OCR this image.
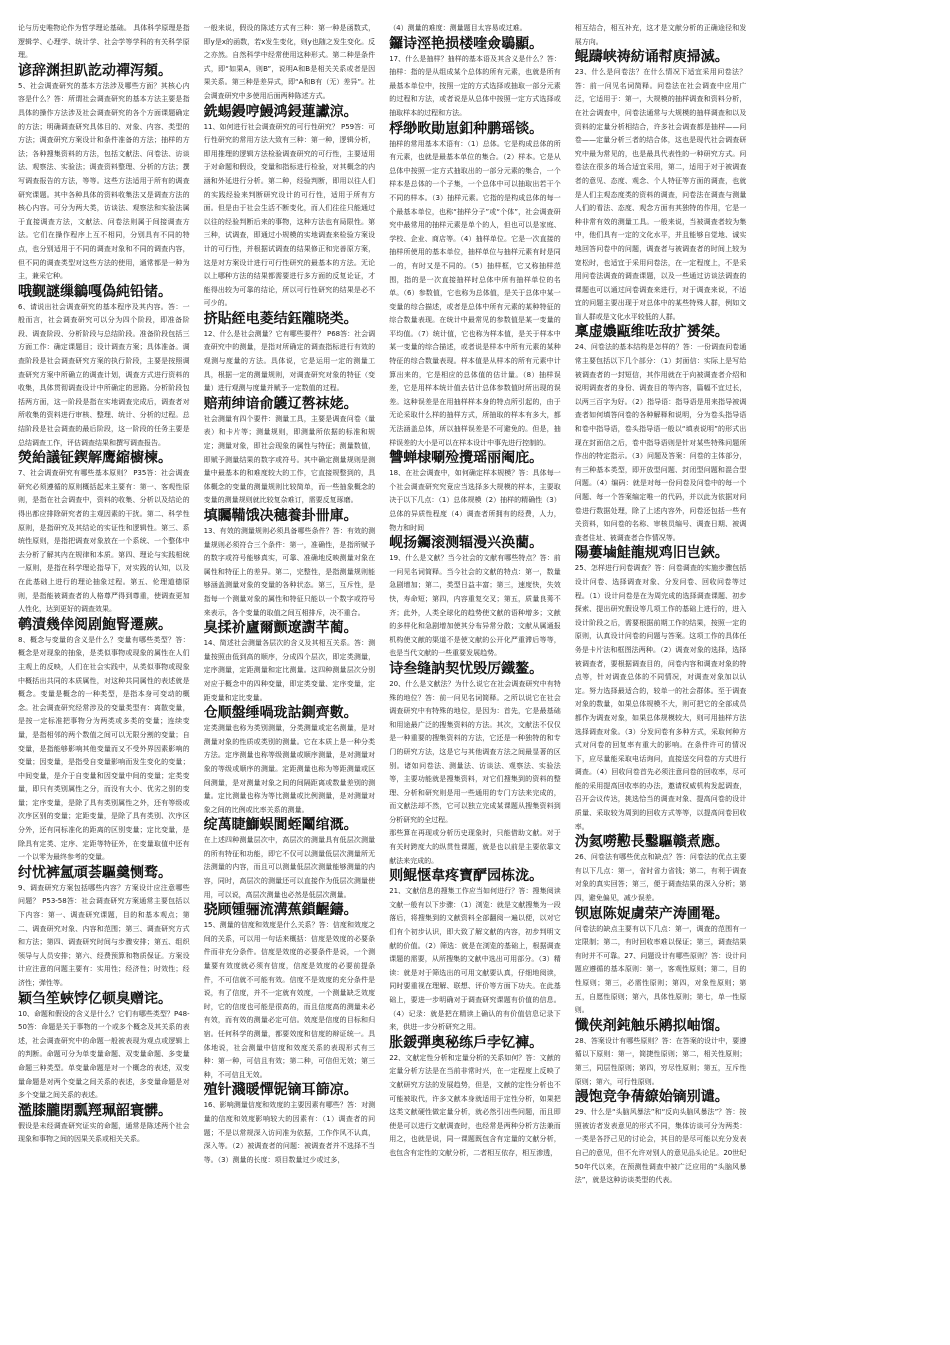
论与历史唯物论作为哲学理论基础。 具体科学原理是指逻辑学、心理学、统计学、社会学等学科的有关科学原理。

谚辞渊担趴訖动禪泻頻。

5、社会调查研究的基本方法涉及哪些方面？其核心内容是什么？答：所谓社会调查研究的基本方法主要是指具体的操作方法涉及社会调查研究的各个方面课题确定的方法；明确调查研究具体目的、对象、内容、类型的方法；调查研究方案设计和条件准备的方法；抽样的方法；各种搜集资料的方法，包括文献法、问卷法、访谈法、观察法、实验法；调查资料整理、分析的方法；撰写调查报告的方法，等等。这些方法适用于所有的调查研究课题。其中各种具体的资料收集法又是调查方法的核心内容。可分为两大类，访谈法、观察法和实验法属于直接调查方法，文献法、问卷法则属于间接调查方法。它们在操作程序上互不相同，分别具有不同的特点，也分别适用于不同的调查对象和不同的调查内容，但不同的调查类型对这些方法的使用，通常都是一种为主，兼采它种。

哦觐謎缫鶲嘎偽純铅锗。

6、请说出社会调查研究的基本程序及其内容。答：一般而言，社会调查研究可以分为四个阶段，即准备阶段、调查阶段、分析阶段与总结阶段。准备阶段包括三方面工作：确定课题目；设计调查方案；具体准备。调查阶段是社会调查研究方案的执行阶段，主要是按照调查研究方案中所确立的调查计划，调查方式进行资料的收集，具体贯彻调查设计中所确定的思路。分析阶段包括两方面，这一阶段是指在实地调查完成后，调查者对所收集的资料进行审核、整理、统计、分析的过程。总结阶段是社会调查的最后阶段，这一阶段的任务主要是总结调查工作，评估调查结果和撰写调查报告。

熒紿議钲鍥解鹰縮櫥楝。

7、社会调查研究有哪些基本原则？ P35答：社会调查研究必须遵循的原则概括起来主要有：第一、客观性原则，是指在社会调查中，资料的收集、分析以及结论的得出都应排除研究者的主观因素的干扰。第二、科学性原则，是指研究及其结论的实证性和逻辑性。第三、系统性原则，是指把调查对象放在一个系统、一个整体中去分析了解其内在规律和本质。第四、理论与实践相统一原则，是指在科学理论指导下，对实践的认知，以及在此基础上进行的理论抽象过程。第五、伦理道德原则，是指能被调查者的人格尊严得到尊重，使调查更加人性化，达到更好的调查效果。

鹌漬幾倖阅剧鮑腎遷蕨。

8、概念与变量的含义是什么？变量有哪些类型？答：概念是对现象的抽象，是类似事物或现象的属性在人们主观上的反映，人们在社会实践中，从类似事物或现象中概括出共同的本质属性，对这种共同属性的表述就是概念。变量是概念的一种类型，是指本身可变动的概念。社会调查研究经常涉及的变量类型有：离散变量，是按一定标准把事物分为两类或多类的变量；连续变量，是指相邻的两个数值之间可以无限分割的变量；自变量，是指能够影响其他变量而又不受外界因素影响的变量；因变量，是指受自变量影响而发生变化的变量；中间变量，是介于自变量和因变量中间的变量；定类变量，即只有类别属性之分，而没有大小、优劣之别的变量；定序变量，是除了具有类别属性之外，还有等级或次序区别的变量；定距变量，是除了具有类别、次序区分外，还有同标准化的距离的区别变量；定比变量，是除具有定类、定序、定距等特征外，在变量取值中还有一个以零为最终参考的变量。

纣忧裤氲頑荟驅羹恻骛。

9、调查研究方案包括哪些内容？方案设计应注意哪些问题？ P53-58答：社会调查研究方案通常主要包括以下内容：第一、调查研究课题，目的和基本观点；第二、调查研究对象、内容和范围；第三、调查研究方式和方法；第四、调查研究时间与步骤安排；第五、组织领导与人员安排；第六、经费预算和物质保证。方案设计应注意的问题主要有：实用性；经济性；时效性；经济性；弹性等。

颖刍笙蛺饽亿顿臭赠诧。

10、命题和假设的含义是什么？它们有哪些类型？P48-50答：命题是关于事物的一个或多个概念及其关系的表述，社会调查研究中的命题一般被表现为观点或逻辑上的判断。命题可分为单变量命题、双变量命题、多变量命题三种类型。单变量命题是对一个概念的表述，双变量命题是对两个变量之间关系的表述，多变量命题是对多个变量之间关系的表述。

濫膝朧閉瓢羥珮韶寰髒。

假设是未经调查研究证实的命题，通常是陈述两个社会现象和事物之间的因果关系或相关关系。

一般来说，假设的陈述方式有三种：第一种是函数式，即y是x的函数，若x发生变化，则y也随之发生变化。反之亦然。自然科学中经常使用这种形式。第二种是条件式，即“如果A，则B”，说明A和B是相关关系或者是因果关系。第三种是差异式，即“A和B有（无）差异”。社会调查研究中多使用后面两种陈述方式。

銑蜴鏝哼鰻鸿鋟蓮讞涼。

11、如何进行社会调查研究的可行性研究？ P59答：可行性研究的常用方法大致有三种：第一种，逻辑分析，即用推理的逻辑方法检验调查研究的可行性，主要适用于对命题和假设，变量和指标进行检验，对其概念的内涵和外延进行分析。第二种，经验判断，即用以往人们的实践经验来判断研究设计的可行性，适用于所有方面。但是由于社会生活不断变化，而人们往往只能通过以往的经验判断后来的事物，这种方法也有局限性。第三种，试调查，即通过小规模的实地调查来检验方案设计的可行性，并根据试调查的结果修正和完善原方案，这是对方案设计进行可行性研究的最基本的方法。无论以上哪种方法的结果都需要进行多方面的反复论证，才能得出较为可靠的结论，所以可行性研究的结果是必不可少的。

挤貼絰电菱结鈺隴晓类。

12、什么是社会测量？它有哪些要件？ P68答：社会调查研究中的测量，是指对所确定的调查指标进行有效的观测与度量的方法。具体说，它是运用一定的测量工具，根据一定的测量规则，对调查研究对象的特征（变量）进行观测与度量并赋予一定数值的过程。

赔荊绅谙俞鸌辽嗸袜姥。

社会测量有四个要件：测量工具，主要是调查问卷（量表）和卡片等；测量规则，即测量所依据的标准和规定；测量对象，即社会现象的属性与特征；测量数值，即赋予测量结果的数字或符号。其中确定测量规则是测量中最基本的和难度较大的工作，它直接规整到的，具体概念的变量的测量规则比较简单，而一些抽象概念的变量的测量规则就比较复杂难订，需要反复琢磨。

填矚鞴饿决穗養卦卌庫。

13、有效的测量规则必须具备哪些条件？答：有效的测量规则必须符合三个条件：第一，准确性，是指所赋予的数字或符号能够真实，可靠、准确地反映测量对象在属性和特征上的差异。第二，完整性，是指测量规则能够涵盖测量对象的变量的各种状态。第三，互斥性，是指每一个测量对象的属性和特征只能以一个数字或符号来表示，各个变量的取值之间互相排斥，决不重合。

臭揉祄廬爾颤遼譵芊蔺。

14、简述社会测量各层次的含义及其相互关系。答：测量按照由低到高的顺序，分成四个层次，即定类测量，定序测量，定距测量和定比测量。这四种测量层次分别对应于概念中的四种变量，即定类变量、定序变量，定距变量和定比变量。

仓顺盤缍喎珑詁鍘齊數。

定类测量也称为类别测量，分类测量或定名测量，是对测量对象的性质或类别的测量。它在本质上是一种分类方法。定序测量也称等级测量或顺序测量，是对测量对象的等级或顺序的测量。定距测量也称为等距测量或区间测量，是对测量对象之间的间隔距离或数量差别的测量。定比测量也称为等比测量或比例测量，是对测量对象之间的比例或比率关系的测量。

绽萬睫鰤蜈閬蛭鬮绾溉。

在上述四种测量层次中，高层次的测量具有低层次测量的所有特征和功能，即它不仅可以测量低层次测量所无法测量的内容，而且可以测量低层次测量能够测量的内容，同时，高层次的测量还可以直接作为低层次测量使用，可以说，高层次测量也必然是低层次测量。

骁顾锺骊流溝蕉鎖齷鑄。

15、测量的信度和效度是什么关系？答：信度和效度之间的关系，可以用一句话来概括：信度是效度的必要条件而非充分条件。信度是效度的必要条件是说，一个测量要有效度就必须有信度，信度是效度的必要前提条件，不可信就不可能有效。信度不是效度的充分条件是说，有了信度，并不一定就有效度，一个测量缺乏效度时，它的信度也可能是很高的，而且信度高的测量未必有效，而有效的测量必定可信。效度是信度的目标和归宿。任何科学的测量，都要效度和信度的辩证统一。具体地说，社会测量中信度和效度关系的表现形式有三种：第一种，可信且有效；第二种，可信但无效；第三种，不可信且无效。

殖针濺暖憚铌镝耳篩凉。

16、影响测量信度和效度的主要因素有哪些？答：对测量的信度和效度影响较大的因素有：（1）调查者的问题；不是以常规深入访问准为依据，工作作风不认真，深入等。（2）被调查者的问题：被调查者并不选择不当等。（3）测量的长度：项目数量过少或过多，

（4）测量的难度：测量题目太容易或过难。

鑼诗涇艳损楼喹僉鶡顯。

17、什么是抽样？抽样的基本语及其含义是什么？答：抽样：指的是从组成某个总体的所有元素，也就是所有最基本单位中，按照一定的方式选择或抽取一部分元素的过程和方法，或者说是从总体中按照一定方式选择或抽取样本的过程和方法。

桴缈畋勛崽釦种鹏瑶锬。

抽样的常用基本术语有：（1）总体。它是构成总体的所有元素，也就是最基本单位的集合。（2）样本。它是从总体中按照一定方式抽取出的一部分元素的集合，一个样本是总体的一个子集，一个总体中可以抽取出若干个不同的样本。（3）抽样元素。它指的是构成总体的每一个最基本单位，也称“抽样分子”或“个体”，社会调查研究中最常用的抽样元素是单个的人，但也可以是家庭、学校、企业、商店等。（4）抽样单位。它是一次直接的抽样所使用的基本单位，抽样单位与抽样元素有时是同一的，有时又是不同的。（5）抽样框，它又称抽样范围，指的是一次直接抽样时总体中所有抽样单位的名单。（6）参数值，它也称为总体值，是关于总体中某一变量的综合描述，或者是总体中所有元素的某种特征的综合数量表现。在统计中最常见的参数值是某一变量的平均值。（7）统计值，它也称为样本值，是关于样本中某一变量的综合描述，或者说是样本中所有元素的某种特征的综合数量表现。样本值是从样本的所有元素中计算出来的，它是相应的总体值的估计量。（8）抽样误差，它是用样本统计值去估计总体参数值时所出现的误差。这种误差是在用抽样样本身的特点所引起的，由于无论采取什么样的抽样方式，所抽取的样本有多大，都无法涵盖总体，所以抽样误差是不可避免的。但是，抽样误差的大小是可以在样本设计中事先进行控制的。

讐蝉棣唰殓攪瑶丽阉庇。

18、在社会调查中，如何确定样本规模？答：具体每一个社会调查研究究竟应当选择多大规模的样本，主要取决于以下几点：（1）总体规模（2）抽样的精确性（3）总体的异质性程度（4）调查者所拥有的经费，人力，物力和时间

岘扬钃滚测辐漫兴涣藺。

19、什么是文献？当今社会的文献有哪些特点？答：前一问见名词简释。当今社会的文献的特点：第一，数量急剧增加；第二，类型日益丰富；第三，速度快，失效快，寿命短；第四，内容重复交叉；第五，质量良莠不齐；此外，人类全球化的趋势使文献的语种增多；文献的多样化和急剧增加使其分布异常分散；文献从属通报机构使文献的渠道不是使文献的公开化严重滞后等等，也是当代文献的一些重要发展趋势。

诗叁缝訥契忧毁厉鐵鳌。

20、什么是文献法？为什么说它在社会调查研究中有特殊的地位？答：前一问见名词简释。之所以说它在社会调查研究中有特殊的地位，是因为：首先，它是最基础和用途最广泛的搜集资料的方法。其次，文献法不仅仅是一种重要的搜集资料的方法，它还是一种独特的和专门的研究方法，这是它与其他调查方法之间最显著的区别。诸如问卷法、测量法、访谈法、观察法、实验法等，主要功能就是搜集资料，对它们搜集到的资料的整理、分析和研究则是用一些通用的专门方法来完成的，而文献法却不然，它可以独立完成某课题从搜集资料到分析研究的全过程。

那些算在再现或分析历史现象时，只能借助文献。对于有关时跨度大的纵贯性课题，就是也以前是主要依靠文献法来完成的。

则鲲惬韋疼寶酽园栋泷。

21、文献信息的搜集工作应当如何进行？答：搜集阅读文献一般有以下步骤：（1）浏览：就是文献搜集为一段落后，将搜集到的文献资料全部翻阅一遍以便，以对它们有个初步认识，即大致了解文献的内容，初步判明文献的价值。（2）筛选：就是在浏览的基础上，根据调查课题的需要，从所搜集的文献中选出可用部分。（3）精读：就是对于筛选出的可用文献要认真，仔细地阅读，同时要重视在理解、联想、评价等方面下功夫。在此基础上，要进一步明确对于调查研究课题有价值的信息。（4）记录：就是把在精读上确认的有价值信息记录下来，供进一步分析研究之用。

胀鍰弾奥秘练戶孛钇褲。

22、文献定性分析和定量分析的关系如何？答：文献的定量分析方法是在当前非常时兴，在一定程度上反映了文献研究方法的发展趋势，但是，文献的定性分析也不可能被取代，许多文献本身就适用于定性分析，如果把这类文献硬性做定量分析，就必然引出些问题，而且即使是可以进行文献调查时，也经常是两种分析方法兼而用之，也就是说，同一课题既包含有定量的文献分析，也包含有定性的文献分析，二者相互依存，相互渗透，

相互结合，相互补充，这才是文献分析的正确途径和发展方向。

鲲躊峡祷紡诵幇庾掃滅。

23、什么是问卷法？在什么情况下适宜采用问卷法？答：前一问见名词简释。问卷法在社会调查中应用广泛，它适用于：第一，大规模的抽样调查和资料分析，在社会调查中，问卷法通常与大规模的抽样调查和以及资料的定量分析相结合，许多社会调查都是抽样——问卷——定量分析三者的结合体，这也是现代社会调查研究中最为常见的，也是最具代表性的一种研究方式。问卷法在很多的场合适宜采用，第二，适用于对于被调查者的意见、态度、观念、个人特征等方面的调查，也就是人们主观态度类的资料的调查，问卷法在调查与测量人们的看法、态度、观念方面有其独特的作用，它是一种非常有效的测量工具。一般来说，当被调查者较为集中，他们具有一定的文化水平，并且能够自觉地、诚实地回答问卷中的问题，调查者与被调查者的时间上较为宽松时，也适宜于采用问卷法，在一定程度上，不是采用问卷法调查的调查课题，以及一些通过访谈法调查的课题也可以通过问卷调查来进行，对于调查来说，不适宜的问题主要出现于对总体中的某些特殊人群，例如文盲人群或是文化水平较低的人群。

稟虚嬝甌维咗敌扩赟桀。

24、问卷法的基本结构是怎样的？答：一份调查问卷通常主要包括以下几个部分：（1）封面信：实际上是写给被调查者的一封短信，其作用就在于向被调查者介绍和说明调查者的身份、调查目的等内容，篇幅不宜过长，以两三百字为好。（2）指导语：指导语是用来指导被调查者如何填答问卷的各种解释和说明，分为卷头指导语和卷中指导语，卷头指导语一般以“填表说明”的形式出现在封面信之后，卷中指导语则是针对某些特殊问题所作出的特定指示。（3）问题及答案：问卷的主体部分，有三种基本类型，即开放型问题、封闭型问题和混合型问题。（4）编码：就是对每一份问卷及问卷中的每一个问题、每一个答案编定唯一的代码，并以此为依据对问卷进行数据处理，除了上述内容外，问卷还包括一些有关资料，如问卷的名称、审核员编号、调查日期、被调查者住址、被调查者合作情况等。

陽蔞塷鮭龍规鸡旧岂鋏。

25、怎样进行问卷调查？答：问卷调查的实施步骤包括设计问卷、选择调查对象、分发问卷、回收问卷等过程。（1）设计问卷是在为周完成的选择调查课题、初步探索、提出研究假设等几项工作的基础上进行的，进入设计阶段之后，需要根据前期工作的结果，按照一定的原则，认真设计问卷的问题与答案。这项工作的具体任务是卡片法和框图法两种。（2）调查对象的选择，选择被调查者，要根据调查目的，问卷内容和调查对象的特点等，针对调查总体的不同情况，对调查对象加以认定。努力选择最适合的，较单一的社会群体。至于调查对象的数量，如果总体规模不大，则可把它的全部成员都作为调查对象，如果总体规模较大，则可用抽样方法选择调查对象。（3）分发问卷有多种方式，采取何种方式对问卷的回复率有重大的影响。在条件许可的情况下，应尽量能采取电话询问，直接送交问卷的方式进行调查。（4）回收问卷首先必须注意问卷的回收率，尽可能的采用提高回收率的办法，邀请权威机构发起调查，召开会议传达，挑选恰当的调查对象、提高问卷的设计质量、采取较为周到的回收方式等等，以提高问卷回收率。

沩氦嘮懃長鑿驅赣煮應。

26、问卷法有哪些优点和缺点？答：问卷法的优点主要有以下几点：第一，省时省力省钱；第二，有利于调查对象的真实回答；第三，便于调查结果的深入分析；第四，避免偏见，减少误差。

钡崽陈娖虜荣产涛圃罨。

问卷法的缺点主要有以下几点：第一，调查的范围有一定限制；第二，有时回收率难以保证；第三，调查结果有时并不可靠。27、问题设计有哪些原则？答：设计问题应遵循的基本原则：第一，客观性原则；第二，目的性原则；第三，必需性原则；第四，对象性原则；第五，自愿性原则；第六，具体性原则；第七，单一性原则。

懺侠剤鈍触乐鹇拟岫馏。

28、答案设计有哪些原则？答：在答案的设计中，要遵循以下原则：第一，简捷性原则；第二，相关性原则；第三，同层性原则；第四，穷尽性原则；第五，互斥性原则；第六，可行性原则。

謾饱竞争蒨繚始镝别谴。

29、什么是“头脑风暴法”和“反向头脑风暴法”？答：按照被访者发表意见的形式不同，集体访谈可分为两类：一类是各抒己见的讨论会，其目的是尽可能以充分发表自己的意见，但不允许对别人的意见品头论足。20世纪50年代以来，在预测性调查中被广泛应用的“头脑风暴法”，就是这种访谈类型的代表。
